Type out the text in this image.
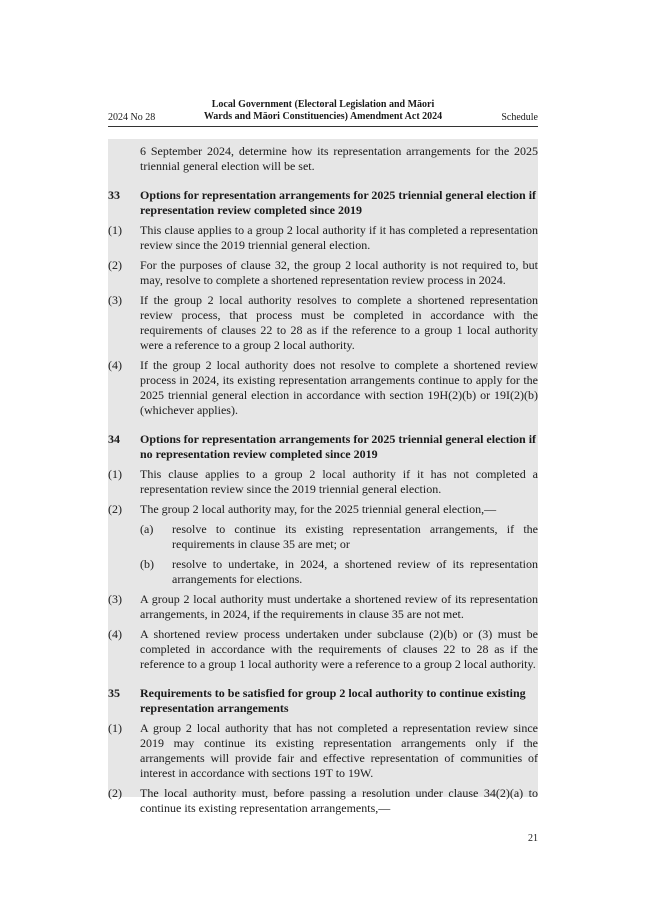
2024 No 28
Local Government (Electoral Legislation and Māori
Wards and Māori Constituencies) Amendment Act 2024	Schedule
6 September 2024, determine how its representation arrangements for the 2025 triennial general election will be set.
33	Options for representation arrangements for 2025 triennial general election if representation review completed since 2019
(1)	This clause applies to a group 2 local authority if it has completed a representation review since the 2019 triennial general election.
(2)	For the purposes of clause 32, the group 2 local authority is not required to, but may, resolve to complete a shortened representation review process in 2024.
(3)	If the group 2 local authority resolves to complete a shortened representation review process, that process must be completed in accordance with the requirements of clauses 22 to 28 as if the reference to a group 1 local authority were a reference to a group 2 local authority.
(4)	If the group 2 local authority does not resolve to complete a shortened review process in 2024, its existing representation arrangements continue to apply for the 2025 triennial general election in accordance with section 19H(2)(b) or 19I(2)(b) (whichever applies).
34	Options for representation arrangements for 2025 triennial general election if no representation review completed since 2019
(1)	This clause applies to a group 2 local authority if it has not completed a representation review since the 2019 triennial general election.
(2)	The group 2 local authority may, for the 2025 triennial general election,—
(a)	resolve to continue its existing representation arrangements, if the requirements in clause 35 are met; or
(b)	resolve to undertake, in 2024, a shortened review of its representation arrangements for elections.
(3)	A group 2 local authority must undertake a shortened review of its representation arrangements, in 2024, if the requirements in clause 35 are not met.
(4)	A shortened review process undertaken under subclause (2)(b) or (3) must be completed in accordance with the requirements of clauses 22 to 28 as if the reference to a group 1 local authority were a reference to a group 2 local authority.
35	Requirements to be satisfied for group 2 local authority to continue existing representation arrangements
(1)	A group 2 local authority that has not completed a representation review since 2019 may continue its existing representation arrangements only if the arrangements will provide fair and effective representation of communities of interest in accordance with sections 19T to 19W.
(2)	The local authority must, before passing a resolution under clause 34(2)(a) to continue its existing representation arrangements,—
21
